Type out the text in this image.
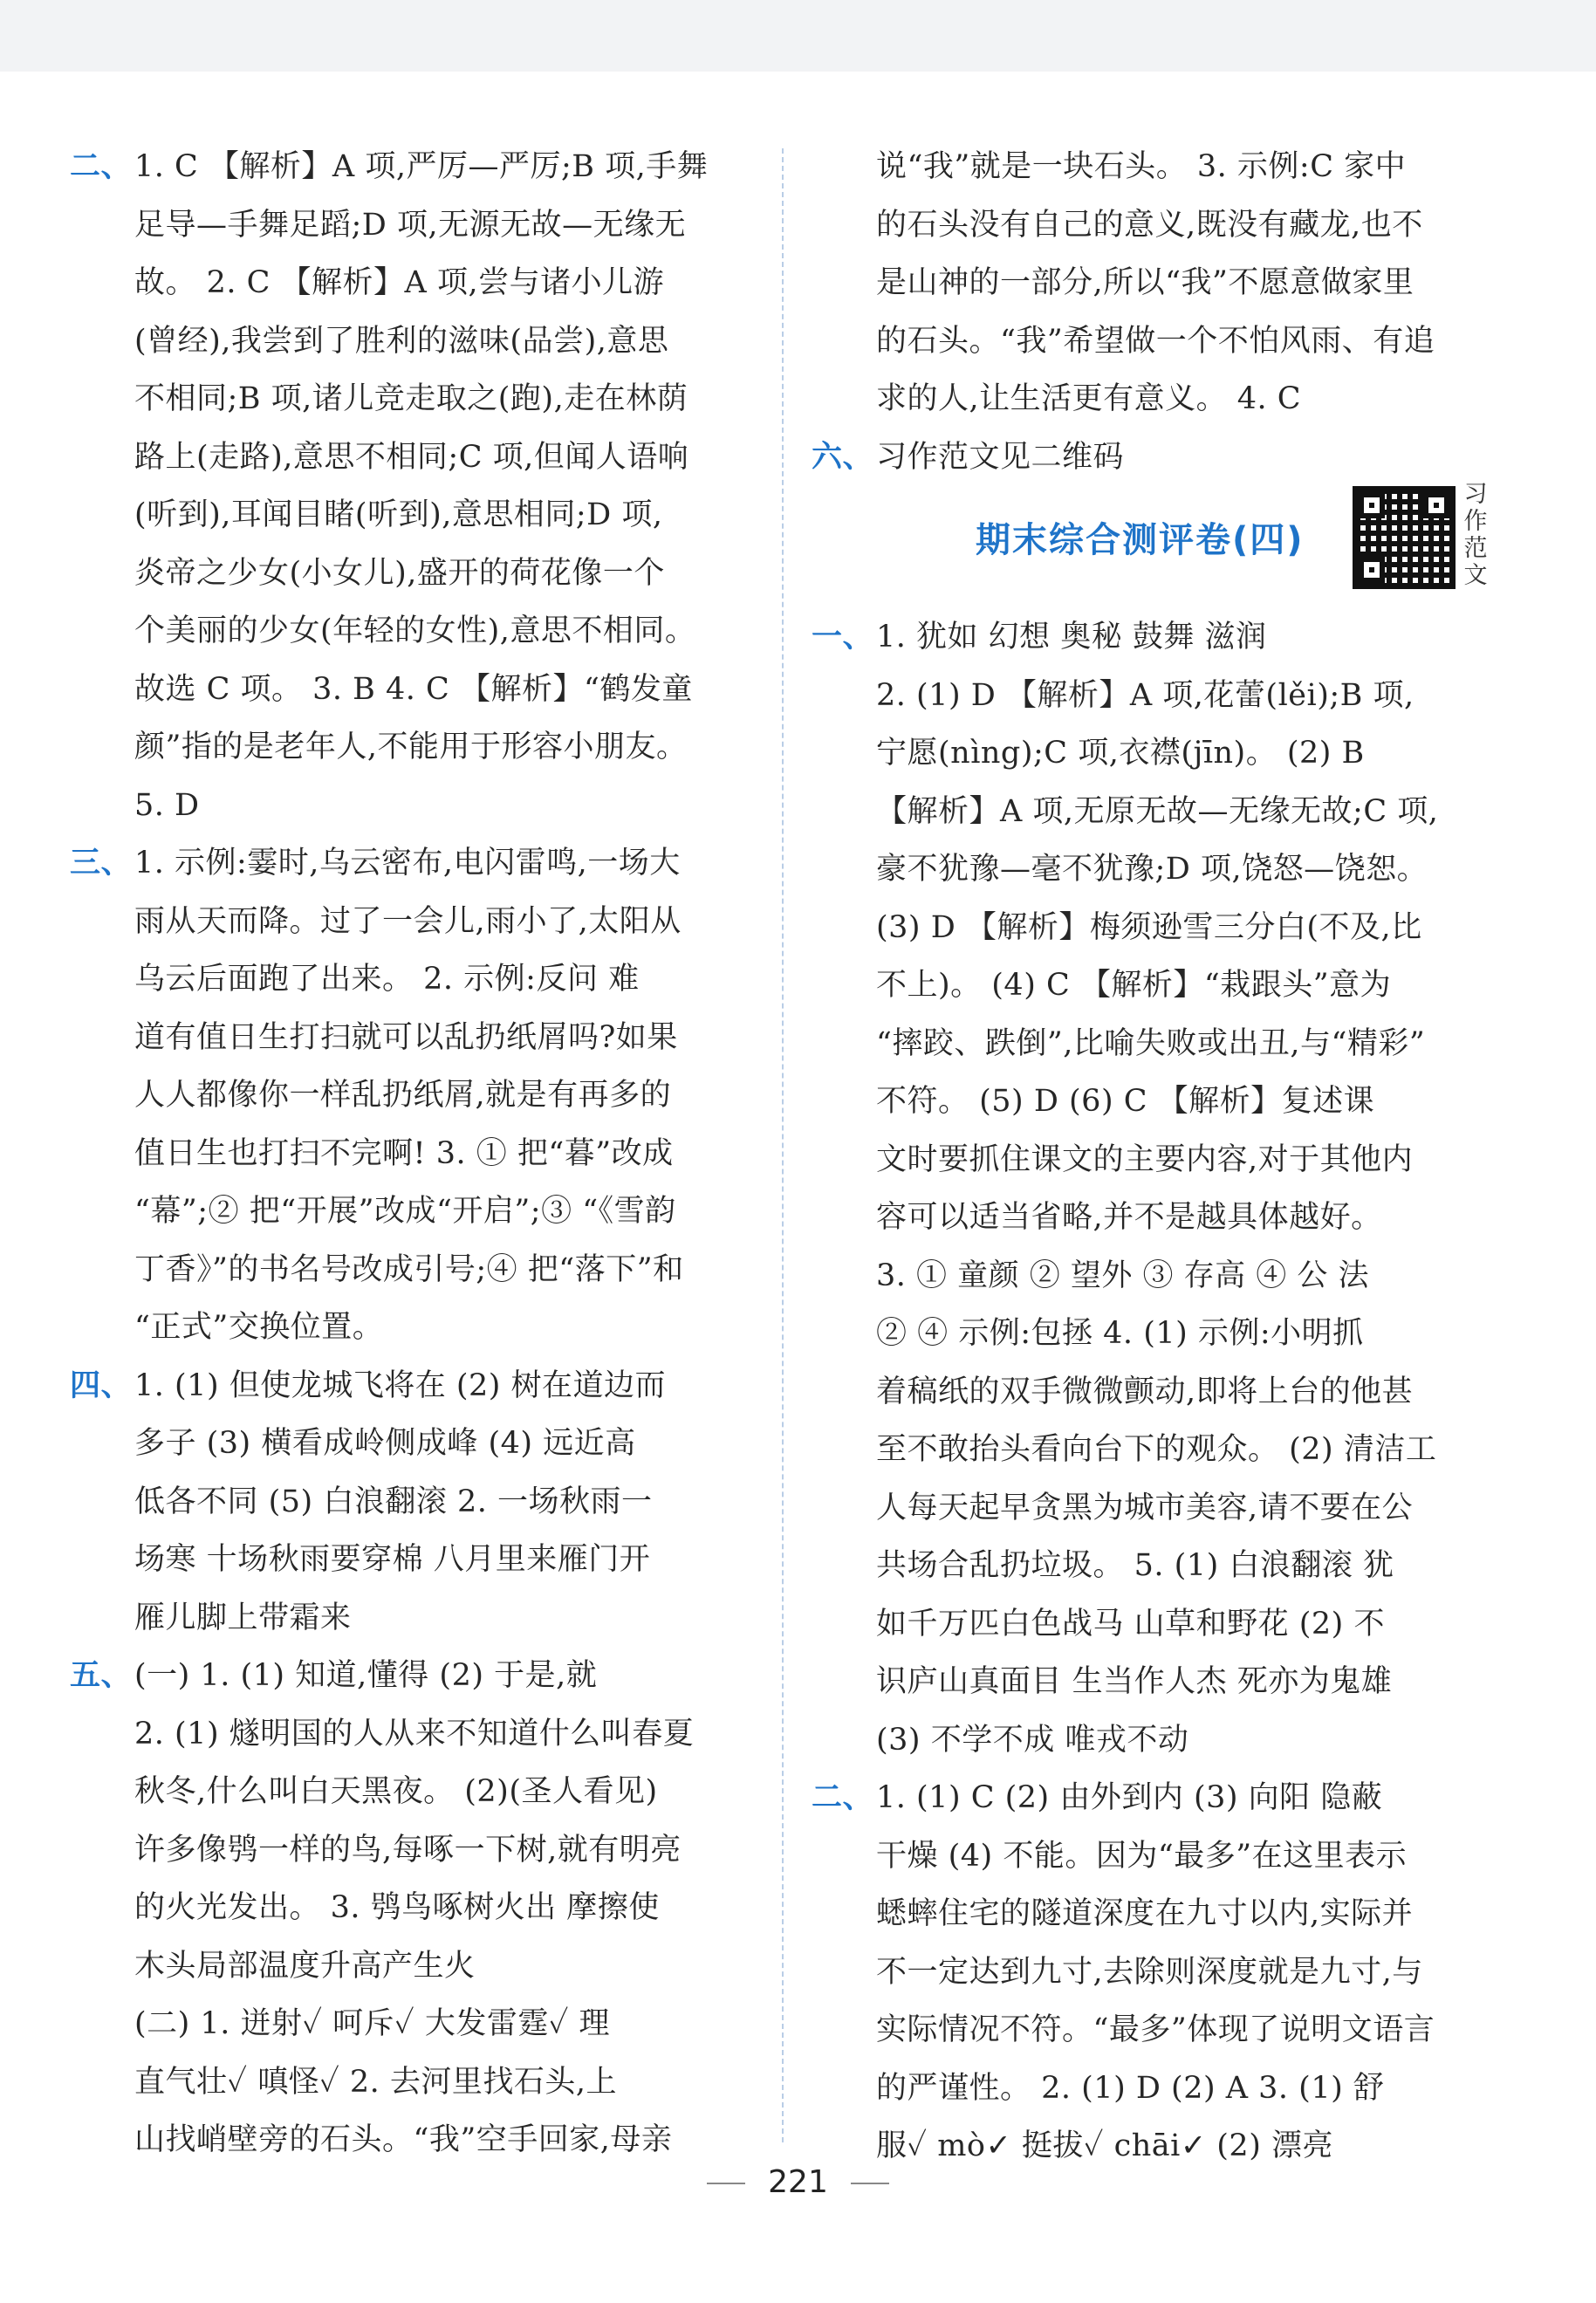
二、1. C 【解析】A 项,严厉—严厉;B 项,手舞

足导—手舞足蹈;D 项,无源无故—无缘无

故。 2. C 【解析】A 项,尝与诸小儿游

(曾经),我尝到了胜利的滋味(品尝),意思

不相同;B 项,诸儿竞走取之(跑),走在林荫

路上(走路),意思不相同;C 项,但闻人语响

(听到),耳闻目睹(听到),意思相同;D 项,

炎帝之少女(小女儿),盛开的荷花像一个

个美丽的少女(年轻的女性),意思不相同。

故选 C 项。 3. B 4. C 【解析】“鹤发童

颜”指的是老年人,不能用于形容小朋友。

5. D

三、1. 示例:霎时,乌云密布,电闪雷鸣,一场大

雨从天而降。过了一会儿,雨小了,太阳从

乌云后面跑了出来。 2. 示例:反问 难

道有值日生打扫就可以乱扔纸屑吗?如果

人人都像你一样乱扔纸屑,就是有再多的

值日生也打扫不完啊! 3. ① 把“暮”改成

“幕”;② 把“开展”改成“开启”;③ “《雪韵

丁香》”的书名号改成引号;④ 把“落下”和

“正式”交换位置。

四、1. (1) 但使龙城飞将在 (2) 树在道边而

多子 (3) 横看成岭侧成峰 (4) 远近高

低各不同 (5) 白浪翻滚 2. 一场秋雨一

场寒 十场秋雨要穿棉 八月里来雁门开

雁儿脚上带霜来

五、(一) 1. (1) 知道,懂得 (2) 于是,就

2. (1) 燧明国的人从来不知道什么叫春夏

秋冬,什么叫白天黑夜。 (2)(圣人看见)

许多像鸮一样的鸟,每啄一下树,就有明亮

的火光发出。 3. 鸮鸟啄树火出 摩擦使

木头局部温度升高产生火

(二) 1. 迸射✓ 呵斥✓ 大发雷霆✓ 理

直气壮✓ 嗔怪✓ 2. 去河里找石头,上

山找峭壁旁的石头。“我”空手回家,母亲

说“我”就是一块石头。 3. 示例:C 家中

的石头没有自己的意义,既没有藏龙,也不

是山神的一部分,所以“我”不愿意做家里

的石头。“我”希望做一个不怕风雨、有追

求的人,让生活更有意义。 4. C

六、习作范文见二维码

期末综合测评卷(四)
习作范文

一、1. 犹如 幻想 奥秘 鼓舞 滋润

2. (1) D 【解析】A 项,花蕾(lěi);B 项,

宁愿(nìng);C 项,衣襟(jīn)。 (2) B

【解析】A 项,无原无故—无缘无故;C 项,

豪不犹豫—毫不犹豫;D 项,饶怒—饶恕。

(3) D 【解析】梅须逊雪三分白(不及,比

不上)。 (4) C 【解析】“栽跟头”意为

“摔跤、跌倒”,比喻失败或出丑,与“精彩”

不符。 (5) D (6) C 【解析】复述课

文时要抓住课文的主要内容,对于其他内

容可以适当省略,并不是越具体越好。

3. ① 童颜 ② 望外 ③ 存高 ④ 公 法

② ④ 示例:包拯 4. (1) 示例:小明抓

着稿纸的双手微微颤动,即将上台的他甚

至不敢抬头看向台下的观众。 (2) 清洁工

人每天起早贪黑为城市美容,请不要在公

共场合乱扔垃圾。 5. (1) 白浪翻滚 犹

如千万匹白色战马 山草和野花 (2) 不

识庐山真面目 生当作人杰 死亦为鬼雄

(3) 不学不成 唯戎不动

二、1. (1) C (2) 由外到内 (3) 向阳 隐蔽

干燥 (4) 不能。因为“最多”在这里表示

蟋蟀住宅的隧道深度在九寸以内,实际并

不一定达到九寸,去除则深度就是九寸,与

实际情况不符。“最多”体现了说明文语言

的严谨性。 2. (1) D (2) A 3. (1) 舒

服✓ mò✓ 挺拔✓ chāi✓ (2) 漂亮

221
